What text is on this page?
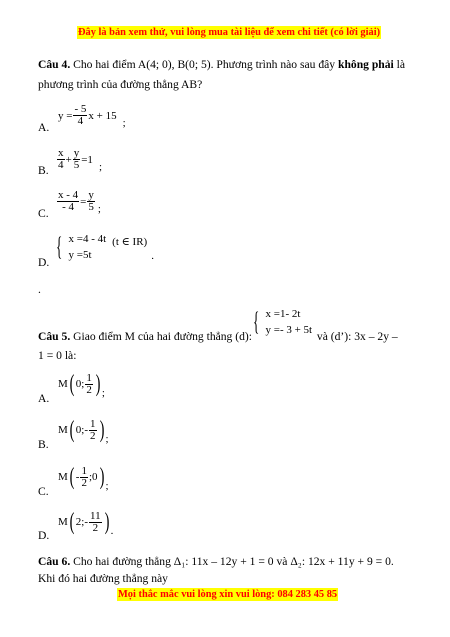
Đây là bản xem thử, vui lòng mua tài liệu để xem chi tiết (có lời giải)
Mọi thắc mắc vui lòng xin vui lòng: 084 283 45 85
Câu 4. Cho hai điểm A(4; 0), B(0; 5). Phương trình nào sau đây không phải là
phương trình của đường thẳng AB?
A.
$y = \frac{- 5}{4}$ x + 15
;
B. $\frac{x}{4} + \frac{y}{5} =1$
;
C.
$\frac{x - 4}{- 4} = \frac{y}{5}$ ;
D.
{ x =4 - 4t
y =5t
(t ∈ IR)
.
.
{ x =1- 2t
y =- 3 + 5t
Câu 5. Giao điểm M của hai đường thẳng (d):	và (d’): 3x – 2y –
1 = 0 là:
A.
M ( 0; $\frac{1}{2}$ ) ;
B.
M ( 0;- $\frac{1}{2}$ ) ;
C.
M ( - $\frac{1}{2}$ ;0 ) ;
D.
M ( 2;- $\frac{11}{2}$ ) .
Câu 6. Cho hai đường thẳng Δ₁: 11x – 12y + 1 = 0 và Δ₂: 12x + 11y + 9 = 0.
Khi đó hai đường thẳng này
